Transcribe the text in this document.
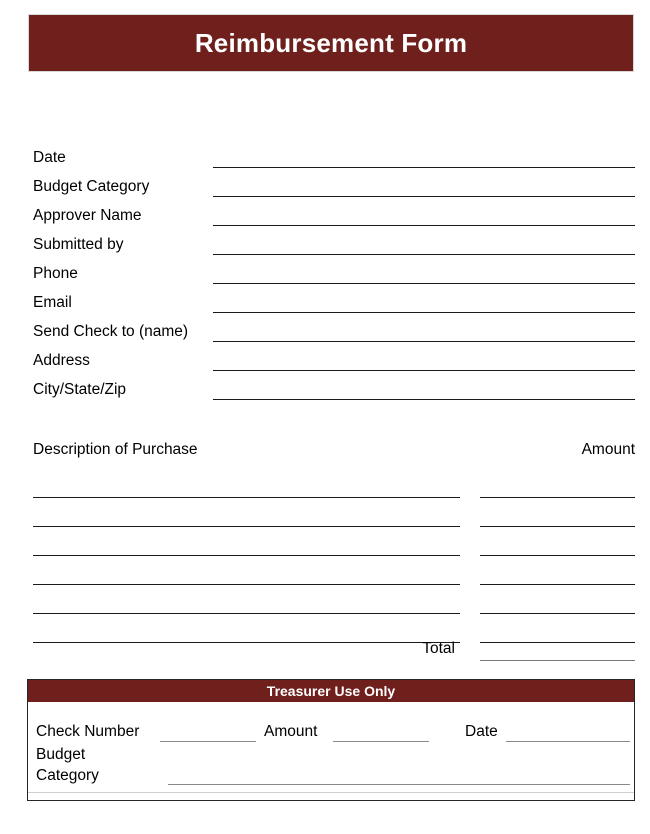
Reimbursement Form
Date
Budget Category
Approver Name
Submitted by
Phone
Email
Send Check to (name)
Address
City/State/Zip
Description of Purchase	Amount
Total
Treasurer Use Only
Check Number	Amount	Date
Budget
Category
